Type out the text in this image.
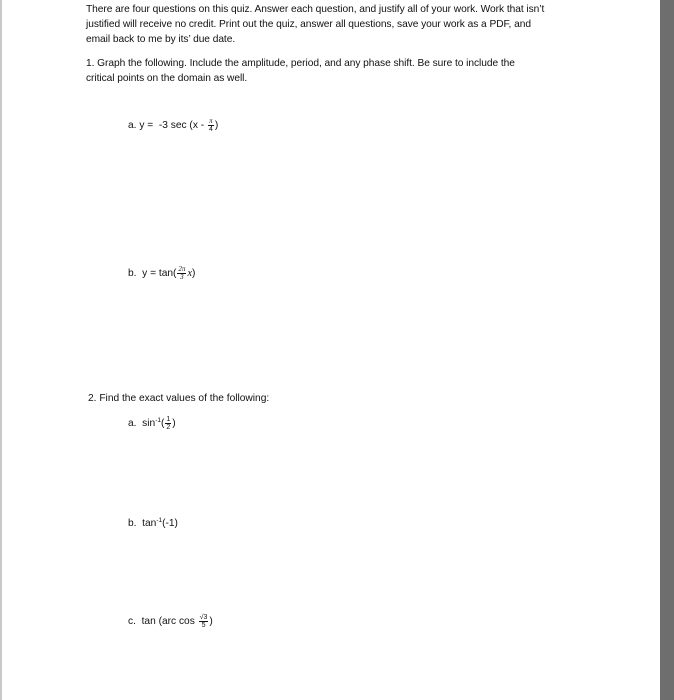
There are four questions on this quiz. Answer each question, and justify all of your work. Work that isn’t
justified will receive no credit. Print out the quiz, answer all questions, save your work as a PDF, and
email back to me by its’ due date.
1. Graph the following. Include the amplitude, period, and any phase shift. Be sure to include the
critical points on the domain as well.
a. y =  -3 $\sec (x - \frac{\pi}{4}$ )
b.  $y = \tan( \frac{2\pi}{3} x)$
2. Find the exact values of the following:
a.  $\sin^{-1}( \frac{1}{2}$ )
b.  $\tan^{-1}(-1)$
c.  tan (arc $\cos \frac{√3}{5}$ )
